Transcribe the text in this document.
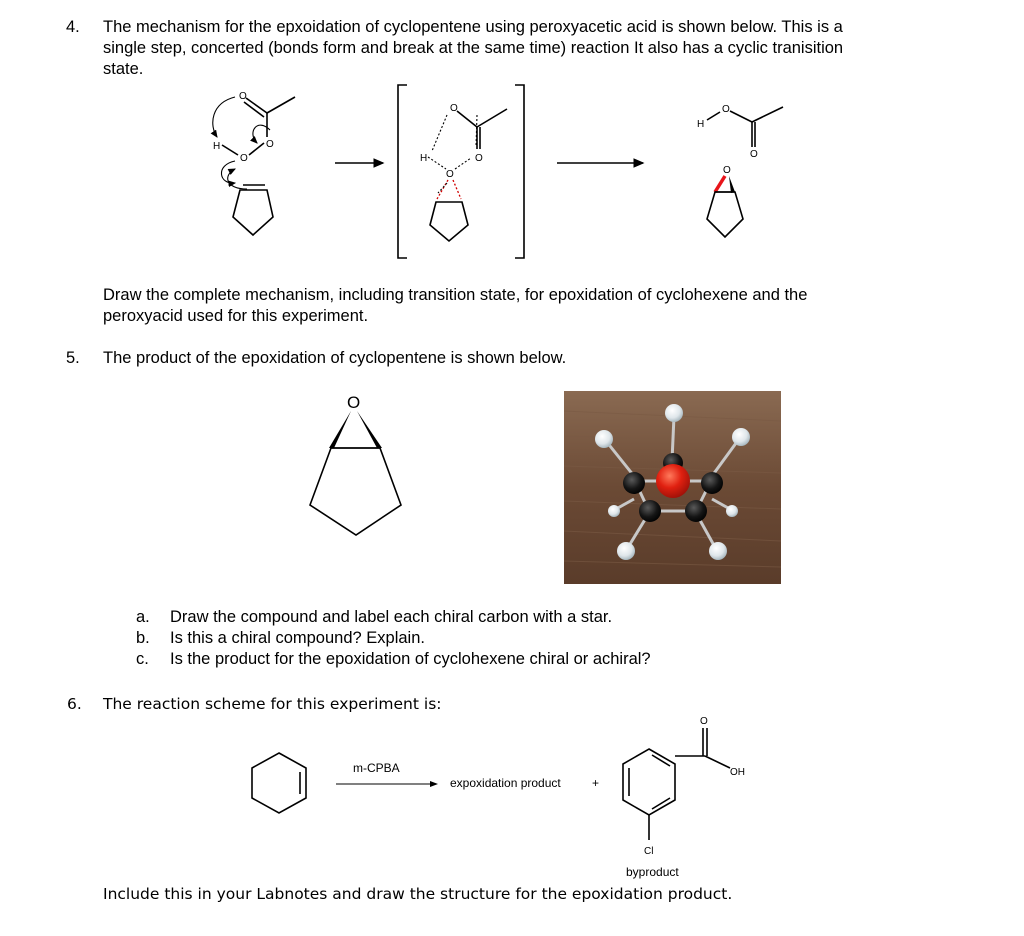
4. The mechanism for the epxoidation of cyclopentene using peroxyacetic acid is shown below. This is a
single step, concerted (bonds form and break at the same time) reaction It also has a cyclic tranisition
state.
O
O
H
O
O
O
H
O
H
O
O
O
Draw the complete mechanism, including transition state, for epoxidation of cyclohexene and the
peroxyacid used for this experiment.
5. The product of the epoxidation of cyclopentene is shown below.
O
a. Draw the compound and label each chiral carbon with a star.
b. Is this a chiral compound? Explain.
c. Is the product for the epoxidation of cyclohexene chiral or achiral?
6. The reaction scheme for this experiment is:
m-CPBA
expoxidation product	+
O
OH
Cl
byproduct
Include this in your Labnotes and draw the structure for the epoxidation product.
